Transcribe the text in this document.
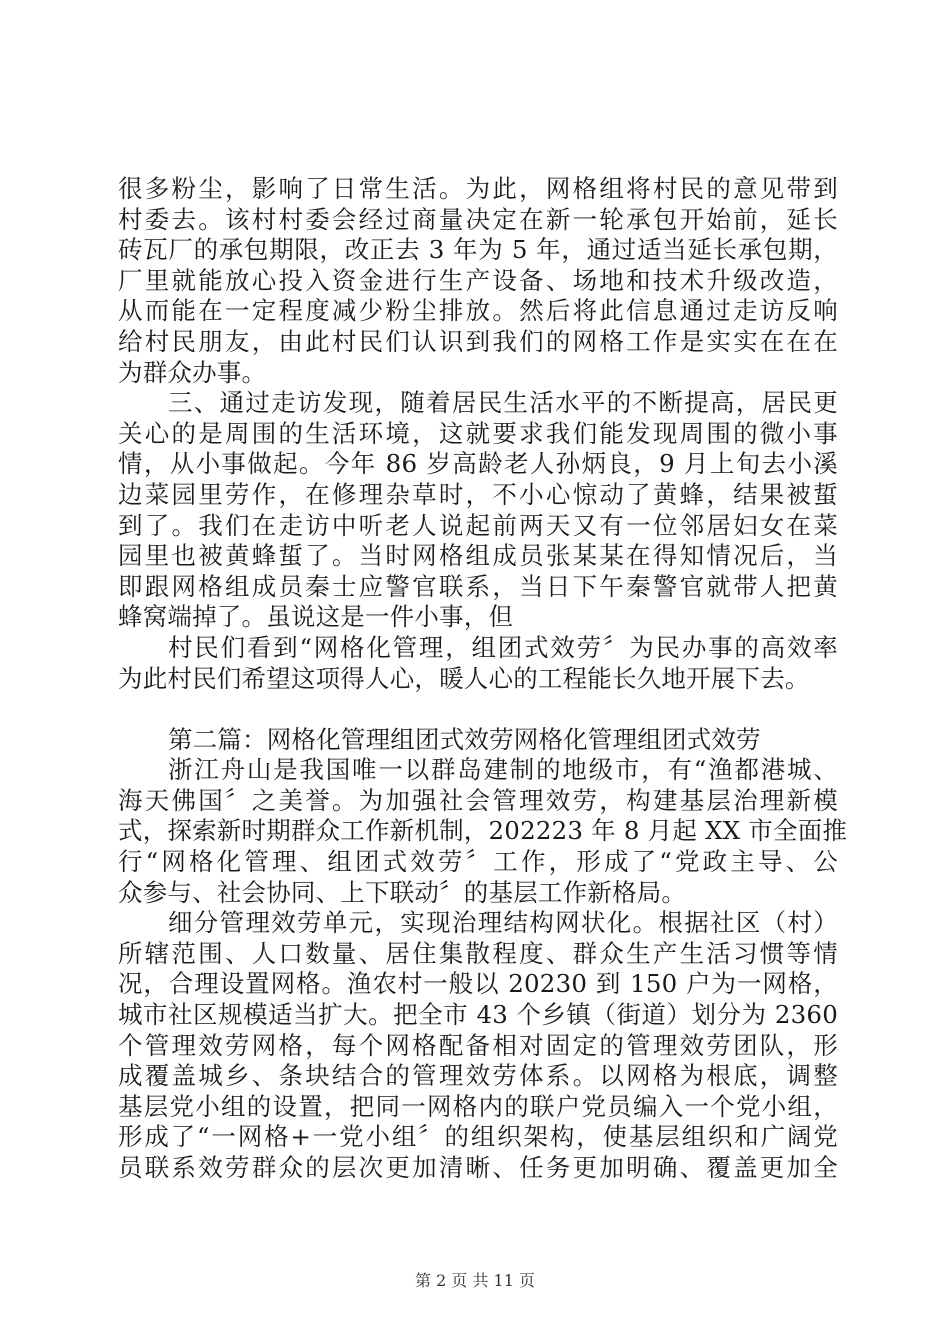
很多粉尘，影响了日常生活。为此，网格组将村民的意见带到
村委去。该村村委会经过商量决定在新一轮承包开始前，延长
砖瓦厂的承包期限，改正去 3 年为 5 年，通过适当延长承包期，
厂里就能放心投入资金进行生产设备、场地和技术升级改造，
从而能在一定程度减少粉尘排放。然后将此信息通过走访反响
给村民朋友，由此村民们认识到我们的网格工作是实实在在在
为群众办事。
三、通过走访发现，随着居民生活水平的不断提高，居民更
关心的是周围的生活环境，这就要求我们能发现周围的微小事
情，从小事做起。今年 86 岁高龄老人孙炳良，9 月上旬去小溪
边菜园里劳作，在修理杂草时，不小心惊动了黄蜂，结果被蜇
到了。我们在走访中听老人说起前两天又有一位邻居妇女在菜
园里也被黄蜂蜇了。当时网格组成员张某某在得知情况后，当
即跟网格组成员秦士应警官联系，当日下午秦警官就带人把黄
蜂窝端掉了。虽说这是一件小事，但
村民们看到“网格化管理，组团式效劳〞为民办事的高效率
为此村民们希望这项得人心，暖人心的工程能长久地开展下去。
第二篇：网格化管理组团式效劳网格化管理组团式效劳
浙江舟山是我国唯一以群岛建制的地级市，有“渔都港城、
海天佛国〞之美誉。为加强社会管理效劳，构建基层治理新模
式，探索新时期群众工作新机制，202223 年 8 月起 XX 市全面推
行“网格化管理、组团式效劳〞工作，形成了“党政主导、公
众参与、社会协同、上下联动〞的基层工作新格局。
细分管理效劳单元，实现治理结构网状化。根据社区（村）
所辖范围、人口数量、居住集散程度、群众生产生活习惯等情
况，合理设置网格。渔农村一般以 20230 到 150 户为一网格，
城市社区规模适当扩大。把全市 43 个乡镇（街道）划分为 2360
个管理效劳网格，每个网格配备相对固定的管理效劳团队，形
成覆盖城乡、条块结合的管理效劳体系。以网格为根底，调整
基层党小组的设置，把同一网格内的联户党员编入一个党小组，
形成了“一网格+一党小组〞的组织架构，使基层组织和广阔党
员联系效劳群众的层次更加清晰、任务更加明确、覆盖更加全
第 2 页 共 11 页
